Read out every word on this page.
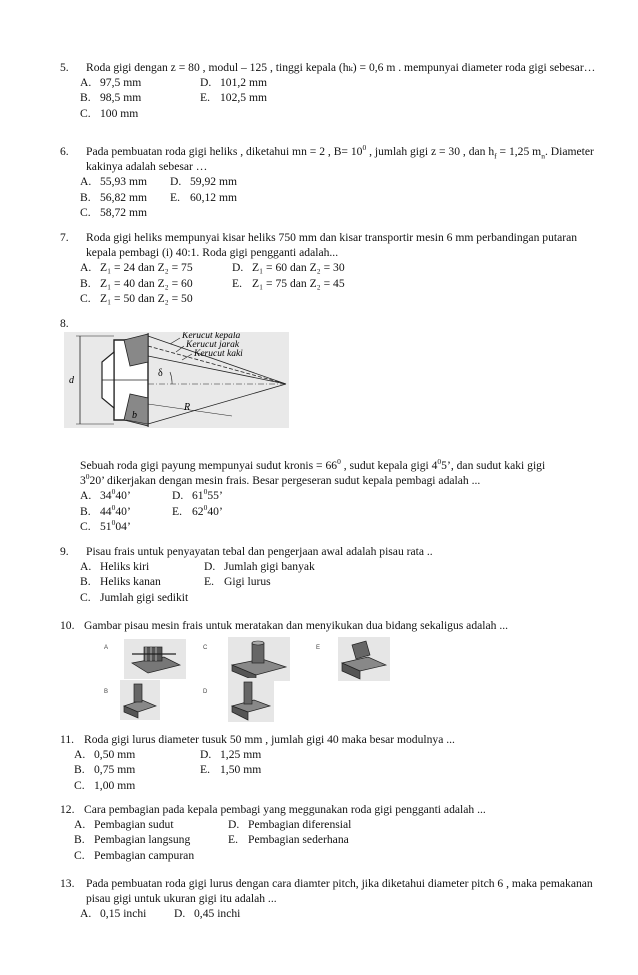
5.	Roda gigi dengan z = 80 , modul – 125 , tinggi kepala (hₖ) = 0,6 m . mempunyai diameter roda gigi sebesar…
A. 97,5 mm	D. 101,2 mm
B. 98,5 mm	E. 102,5 mm
C. 100 mm
6.	Pada pembuatan roda gigi heliks , diketahui mn = 2 , $B= 10^0$ , jumlah gigi z = 30 , dan $h_f = 1,25$ $m_n$. Diameter kakinya adalah sebesar …
A. 55,93 mm D. 59,92 mm
B. 56,82 mm E. 60,12 mm
C. 58,72 mm
7.	Roda gigi heliks mempunyai kisar heliks 750 mm dan kisar transportir mesin 6 mm perbandingan putaran kepala pembagi (i) 40:1. Roda gigi pengganti adalah...
A. Z₁ = 24 dan Z₂ = 75	D. Z₁ = 60 dan Z₂ = 30
B. Z₁ = 40 dan Z₂ = 60	E. Z₁ = 75 dan Z₂ = 45
C. Z₁ = 50 dan Z₂ = 50
8.
Kerucut kepala
Kerucut jarak
Kerucut kaki
d
δ
R
b
Sebuah roda gigi payung mempunyai sudut kronis = $66^0$ , sudut kepala gigi $4^05$’, dan sudut kaki gigi
$3^020$’ dikerjakan dengan mesin frais. Besar pergeseran sudut kepala pembagi adalah ...
A. $34^040$’	D. $61^055$’
B. $44^040$’	E. $62^040$’
C. $51^004$’
9.	Pisau frais untuk penyayatan tebal dan pengerjaan awal adalah pisau rata ..
A. Heliks kiri	D. Jumlah gigi banyak
B. Heliks kanan	E. Gigi lurus
C. Jumlah gigi sedikit
10. Gambar pisau mesin frais untuk meratakan dan menyikukan dua bidang sekaligus adalah ...
A	C	E
B	D
11. Roda gigi lurus diameter tusuk 50 mm , jumlah gigi 40 maka besar modulnya ...
A. 0,50 mm	D. 1,25 mm
B. 0,75 mm	E. 1,50 mm
C. 1,00 mm
12. Cara pembagian pada kepala pembagi yang meggunakan roda gigi pengganti adalah ...
A. Pembagian sudut	D. Pembagian diferensial
B. Pembagian langsung	E. Pembagian sederhana
C. Pembagian campuran
13. Pada pembuatan roda gigi lurus dengan cara diamter pitch, jika diketahui diameter pitch 6 , maka pemakanan pisau gigi untuk ukuran gigi itu adalah ...
A. 0,15 inchi D. 0,45 inchi
